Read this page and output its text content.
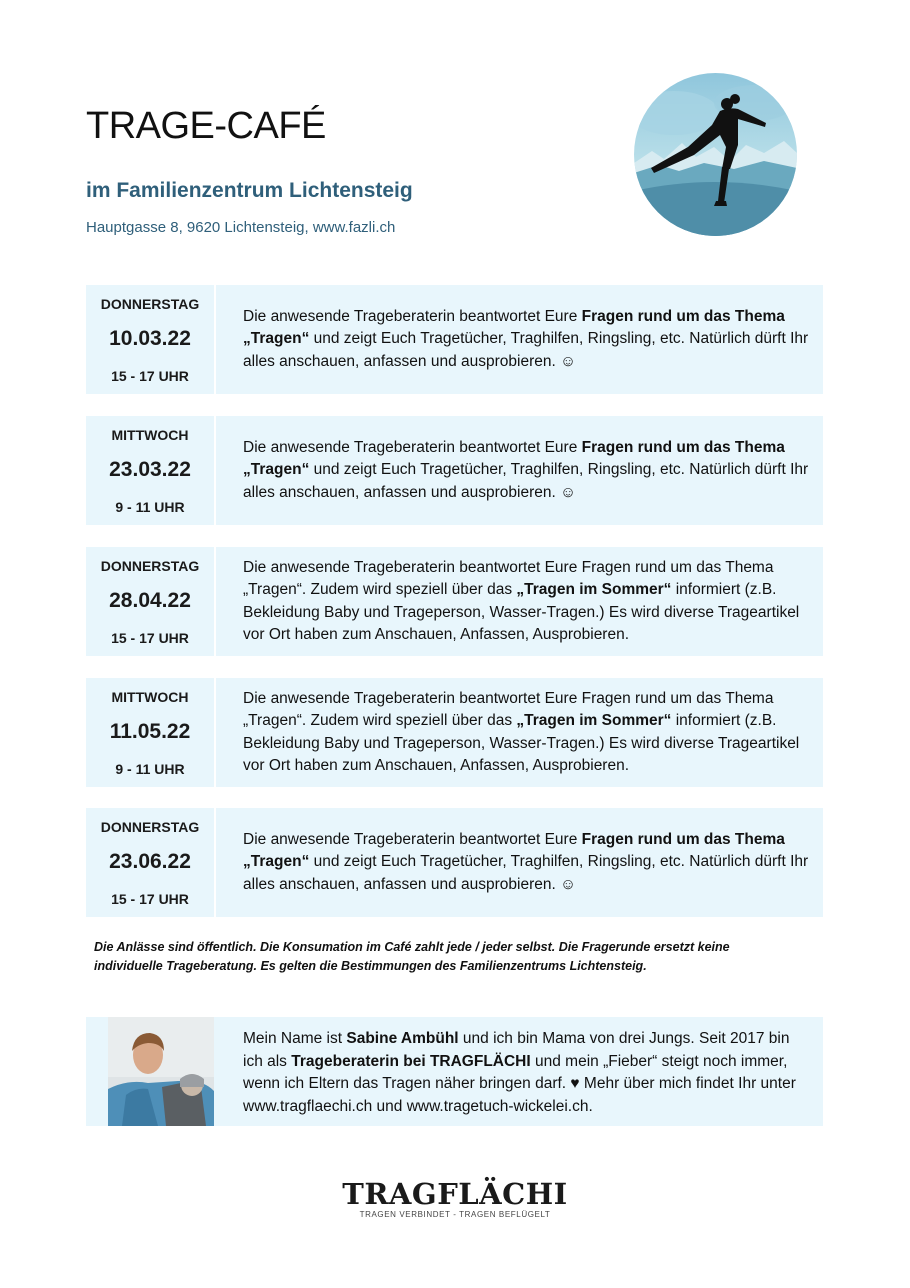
TRAGE-CAFÉ
im Familienzentrum Lichtensteig
Hauptgasse 8, 9620 Lichtensteig, www.fazli.ch
DONNERSTAG
10.03.22
15 - 17 UHR
Die anwesende Trageberaterin beantwortet Eure Fragen rund um das Thema „Tragen“ und zeigt Euch Tragetücher, Traghilfen, Ringsling, etc. Natürlich dürft Ihr alles anschauen, anfassen und ausprobieren. ☺
MITTWOCH
23.03.22
9 - 11 UHR
Die anwesende Trageberaterin beantwortet Eure Fragen rund um das Thema „Tragen“ und zeigt Euch Tragetücher, Traghilfen, Ringsling, etc. Natürlich dürft Ihr alles anschauen, anfassen und ausprobieren. ☺
DONNERSTAG
28.04.22
15 - 17 UHR
Die anwesende Trageberaterin beantwortet Eure Fragen rund um das Thema „Tragen“. Zudem wird speziell über das „Tragen im Sommer“ informiert (z.B. Bekleidung Baby und Trageperson, Wasser-Tragen.) Es wird diverse Trageartikel vor Ort haben zum Anschauen, Anfassen, Ausprobieren.
MITTWOCH
11.05.22
9 - 11 UHR
Die anwesende Trageberaterin beantwortet Eure Fragen rund um das Thema „Tragen“. Zudem wird speziell über das „Tragen im Sommer“ informiert (z.B. Bekleidung Baby und Trageperson, Wasser-Tragen.) Es wird diverse Trageartikel vor Ort haben zum Anschauen, Anfassen, Ausprobieren.
DONNERSTAG
23.06.22
15 - 17 UHR
Die anwesende Trageberaterin beantwortet Eure Fragen rund um das Thema „Tragen“ und zeigt Euch Tragetücher, Traghilfen, Ringsling, etc. Natürlich dürft Ihr alles anschauen, anfassen und ausprobieren. ☺
Die Anlässe sind öffentlich. Die Konsumation im Café zahlt jede / jeder selbst. Die Fragerunde ersetzt keine individuelle Trageberatung. Es gelten die Bestimmungen des Familienzentrums Lichtensteig.
Mein Name ist Sabine Ambühl und ich bin Mama von drei Jungs. Seit 2017 bin ich als Trageberaterin bei TRAGFLÄCHI und mein „Fieber“ steigt noch immer, wenn ich Eltern das Tragen näher bringen darf. ♥ Mehr über mich findet Ihr unter www.tragflaechi.ch und www.tragetuch-wickelei.ch.
TRAGFLÄCHI
TRAGEN VERBINDET - TRAGEN BEFLÜGELT
